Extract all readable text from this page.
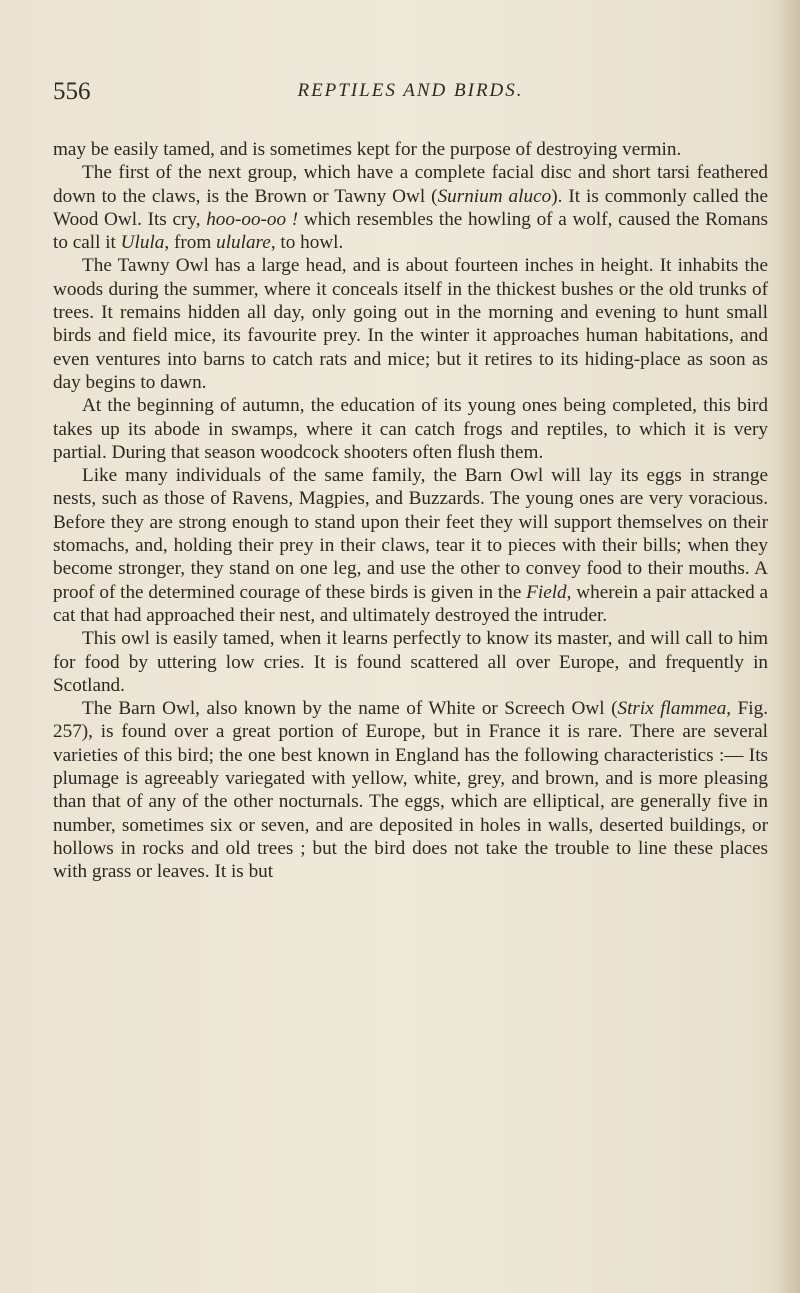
556	REPTILES AND BIRDS.

may be easily tamed, and is sometimes kept for the purpose of destroying vermin.

The first of the next group, which have a complete facial disc and short tarsi feathered down to the claws, is the Brown or Tawny Owl (Surnium aluco). It is commonly called the Wood Owl. Its cry, hoo-oo-oo ! which resembles the howling of a wolf, caused the Romans to call it Ulula, from ululare, to howl.

The Tawny Owl has a large head, and is about fourteen inches in height. It inhabits the woods during the summer, where it conceals itself in the thickest bushes or the old trunks of trees. It remains hidden all day, only going out in the morning and evening to hunt small birds and field mice, its favourite prey. In the winter it approaches human habitations, and even ventures into barns to catch rats and mice; but it retires to its hiding-place as soon as day begins to dawn.

At the beginning of autumn, the education of its young ones being completed, this bird takes up its abode in swamps, where it can catch frogs and reptiles, to which it is very partial. During that season woodcock shooters often flush them.

Like many individuals of the same family, the Barn Owl will lay its eggs in strange nests, such as those of Ravens, Magpies, and Buzzards. The young ones are very voracious. Before they are strong enough to stand upon their feet they will support themselves on their stomachs, and, holding their prey in their claws, tear it to pieces with their bills; when they become stronger, they stand on one leg, and use the other to convey food to their mouths. A proof of the determined courage of these birds is given in the Field, wherein a pair attacked a cat that had approached their nest, and ultimately destroyed the intruder.

This owl is easily tamed, when it learns perfectly to know its master, and will call to him for food by uttering low cries. It is found scattered all over Europe, and frequently in Scotland.

The Barn Owl, also known by the name of White or Screech Owl (Strix flammea, Fig. 257), is found over a great portion of Europe, but in France it is rare. There are several varieties of this bird; the one best known in England has the following characteristics :— Its plumage is agreeably variegated with yellow, white, grey, and brown, and is more pleasing than that of any of the other nocturnals. The eggs, which are elliptical, are generally five in number, sometimes six or seven, and are deposited in holes in walls, deserted buildings, or hollows in rocks and old trees ; but the bird does not take the trouble to line these places with grass or leaves. It is but
